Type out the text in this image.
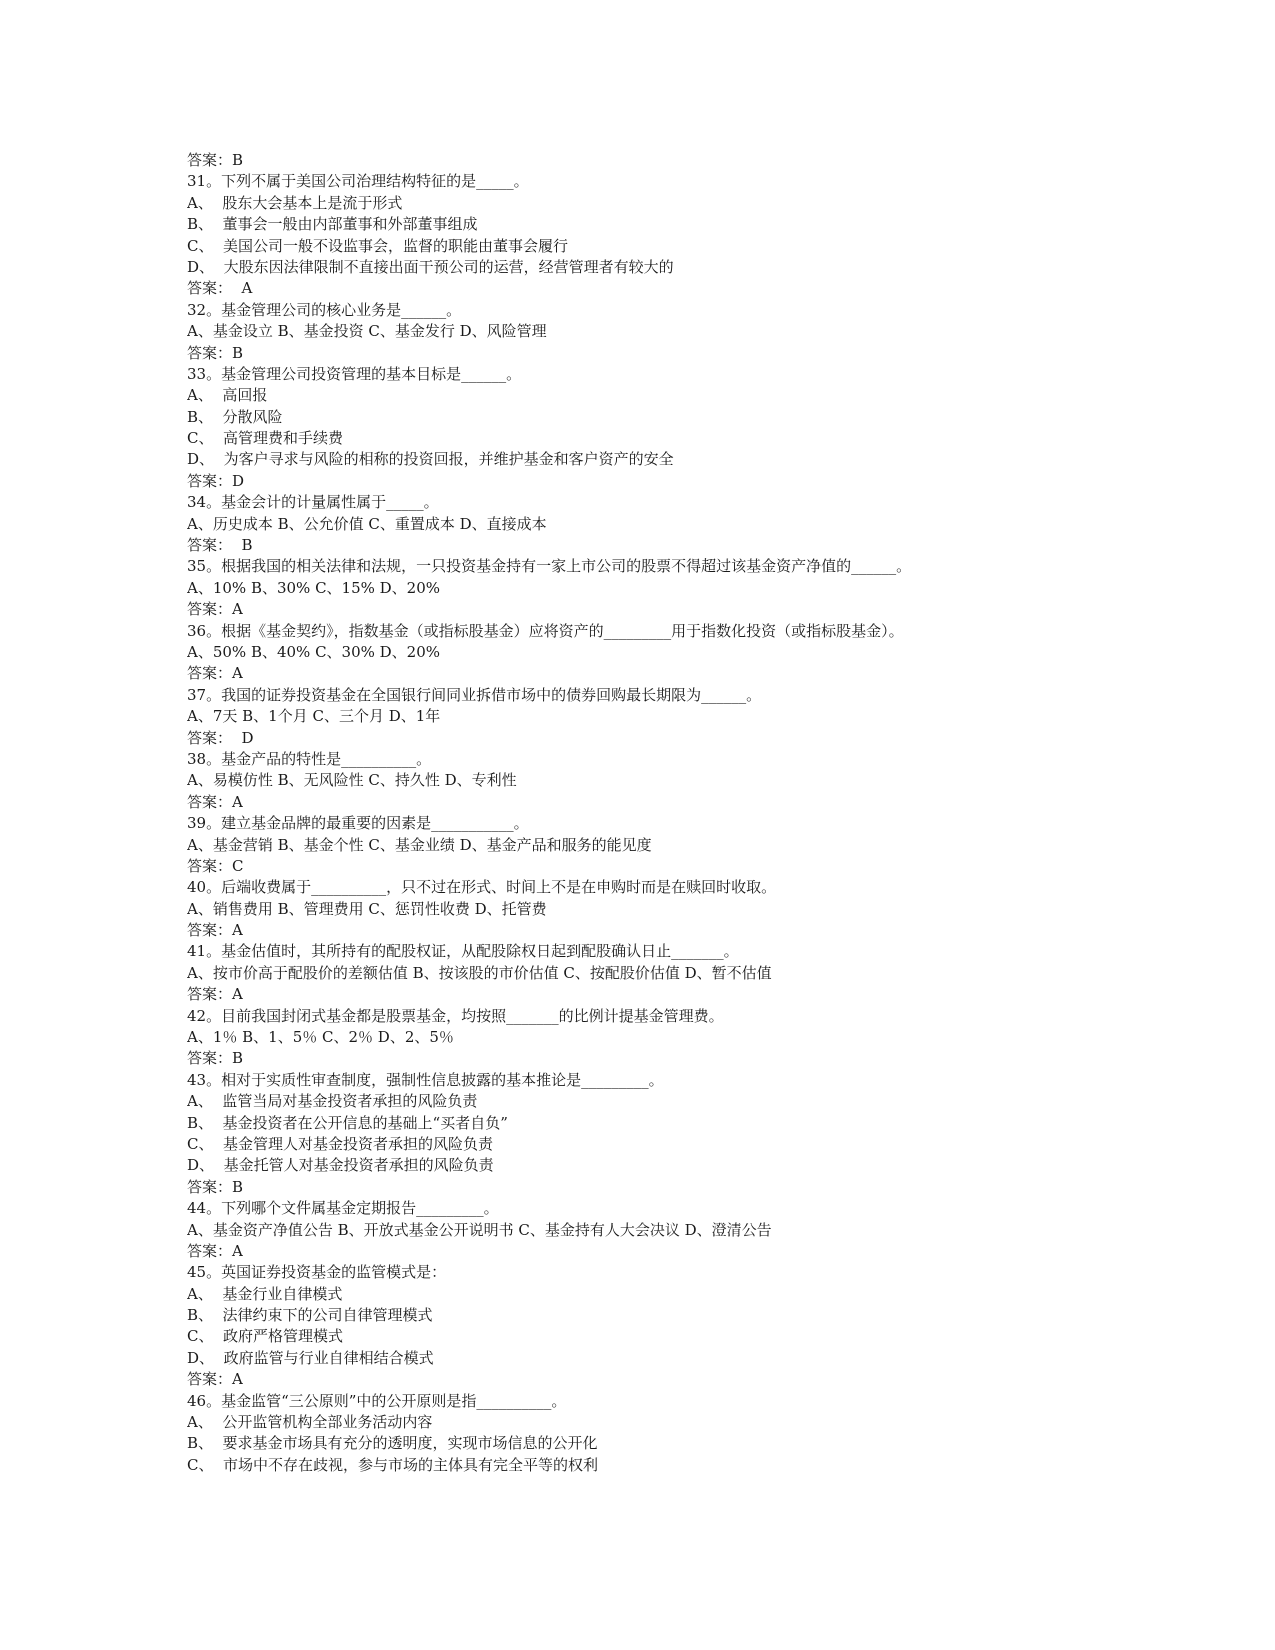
答案：B
31。下列不属于美国公司治理结构特征的是_____。
A、  股东大会基本上是流于形式
B、  董事会一般由内部董事和外部董事组成
C、  美国公司一般不设监事会，监督的职能由董事会履行
D、  大股东因法律限制不直接出面干预公司的运营，经营管理者有较大的
答案：  A
32。基金管理公司的核心业务是______。
A、基金设立 B、基金投资 C、基金发行 D、风险管理
答案：B
33。基金管理公司投资管理的基本目标是______。
A、  高回报
B、  分散风险
C、  高管理费和手续费
D、  为客户寻求与风险的相称的投资回报，并维护基金和客户资产的安全
答案：D
34。基金会计的计量属性属于_____。
A、历史成本 B、公允价值 C、重置成本 D、直接成本
答案：  B
35。根据我国的相关法律和法规，一只投资基金持有一家上市公司的股票不得超过该基金资产净值的______。
A、10% B、30% C、15% D、20%
答案：A
36。根据《基金契约》，指数基金（或指标股基金）应将资产的_________用于指数化投资（或指标股基金）。
A、50% B、40% C、30% D、20%
答案：A
37。我国的证券投资基金在全国银行间同业拆借市场中的债券回购最长期限为______。
A、7天 B、1个月 C、三个月 D、1年
答案：  D
38。基金产品的特性是__________。
A、易模仿性 B、无风险性 C、持久性 D、专利性
答案：A
39。建立基金品牌的最重要的因素是___________。
A、基金营销 B、基金个性 C、基金业绩 D、基金产品和服务的能见度
答案：C
40。后端收费属于__________，只不过在形式、时间上不是在申购时而是在赎回时收取。
A、销售费用 B、管理费用 C、惩罚性收费 D、托管费
答案：A
41。基金估值时，其所持有的配股权证，从配股除权日起到配股确认日止_______。
A、按市价高于配股价的差额估值 B、按该股的市价估值 C、按配股价估值 D、暂不估值
答案：A
42。目前我国封闭式基金都是股票基金，均按照_______的比例计提基金管理费。
A、1％ B、1、5％ C、2％ D、2、5％
答案：B
43。相对于实质性审查制度，强制性信息披露的基本推论是_________。
A、  监管当局对基金投资者承担的风险负责
B、  基金投资者在公开信息的基础上“买者自负”
C、  基金管理人对基金投资者承担的风险负责
D、  基金托管人对基金投资者承担的风险负责
答案：B
44。下列哪个文件属基金定期报告_________。
A、基金资产净值公告 B、开放式基金公开说明书 C、基金持有人大会决议 D、澄清公告
答案：A
45。英国证券投资基金的监管模式是：
A、  基金行业自律模式
B、  法律约束下的公司自律管理模式
C、  政府严格管理模式
D、  政府监管与行业自律相结合模式
答案：A
46。基金监管“三公原则”中的公开原则是指__________。
A、  公开监管机构全部业务活动内容
B、  要求基金市场具有充分的透明度，实现市场信息的公开化
C、  市场中不存在歧视，参与市场的主体具有完全平等的权利
